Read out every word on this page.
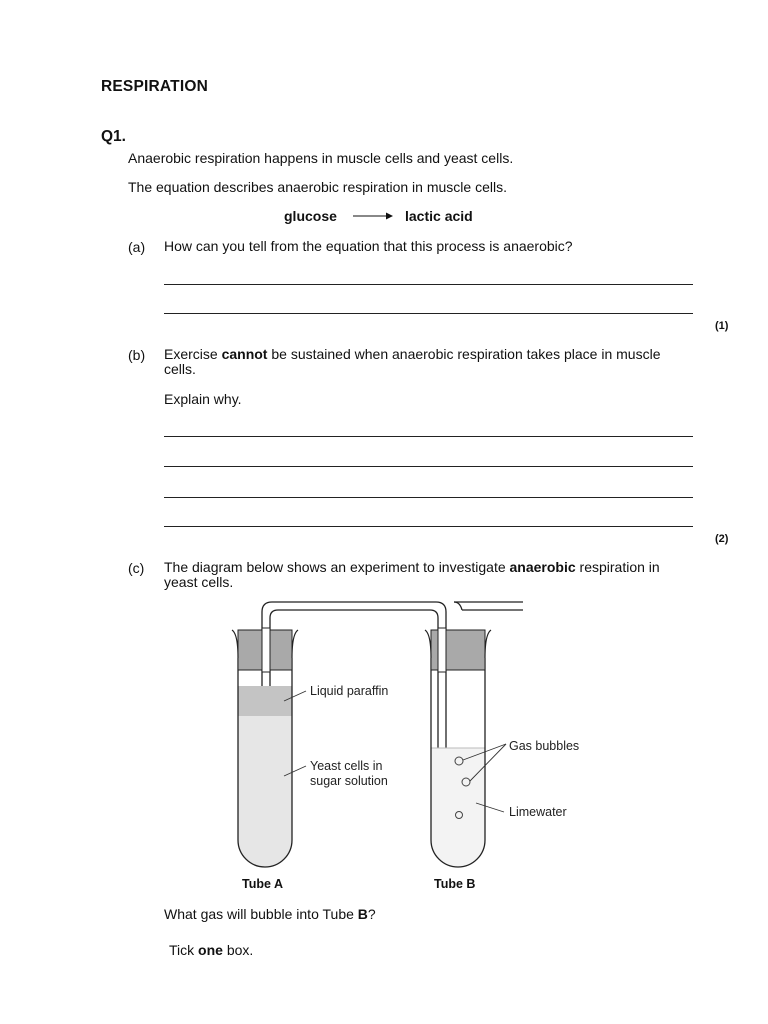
RESPIRATION
Q1.
Anaerobic respiration happens in muscle cells and yeast cells.
The equation describes anaerobic respiration in muscle cells.
glucose	lactic acid
(a) How can you tell from the equation that this process is anaerobic?
(1)
(b) Exercise cannot be sustained when anaerobic respiration takes place in muscle cells.
Explain why.
(2)
(c) The diagram below shows an experiment to investigate anaerobic respiration in yeast cells.
Liquid paraffin
Yeast cells in
sugar solution
Gas bubbles
Limewater
Tube A	Tube B
What gas will bubble into Tube B?
Tick one box.
